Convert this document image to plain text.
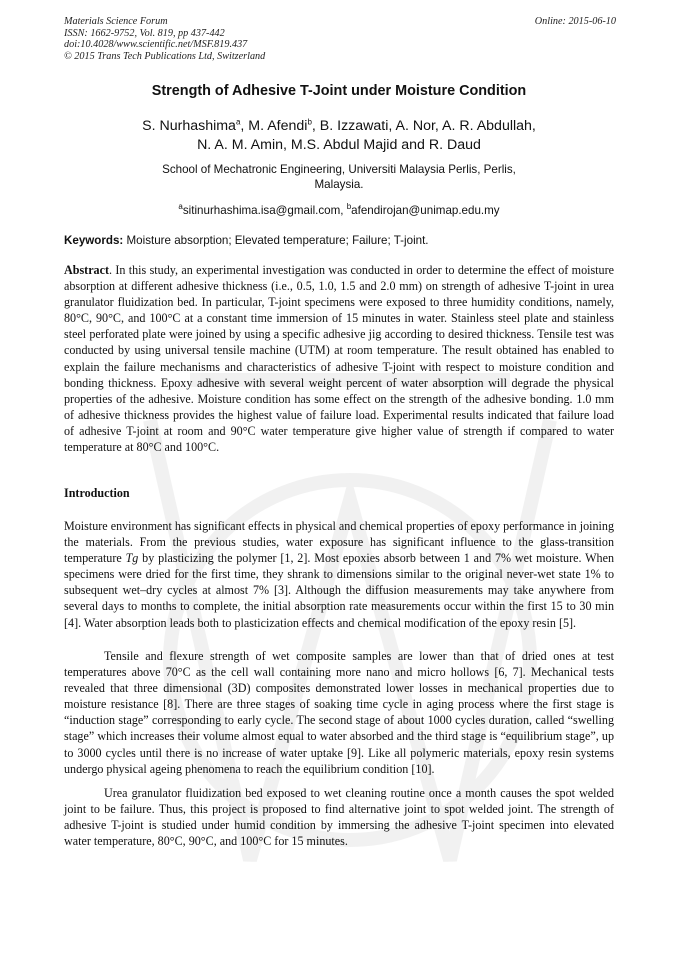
Materials Science Forum
ISSN: 1662-9752, Vol. 819, pp 437-442
doi:10.4028/www.scientific.net/MSF.819.437
© 2015 Trans Tech Publications Ltd, Switzerland
Online: 2015-06-10
Strength of Adhesive T-Joint under Moisture Condition
S. Nurhashima$^a$, M. Afendi$^b$, B. Izzawati, A. Nor, A. R. Abdullah,
N. A. M. Amin, M.S. Abdul Majid and R. Daud
School of Mechatronic Engineering, Universiti Malaysia Perlis, Perlis,
Malaysia.
$^a$sitinurhashima.isa@gmail.com, $^b$afendirojan@unimap.edu.my
Keywords: Moisture absorption; Elevated temperature; Failure; T-joint.

Abstract. In this study, an experimental investigation was conducted in order to determine the effect of moisture absorption at different adhesive thickness (i.e., 0.5, 1.0, 1.5 and 2.0 mm) on strength of adhesive T-joint in urea granulator fluidization bed. In particular, T-joint specimens were exposed to three humidity conditions, namely, 80°C, 90°C, and 100°C at a constant time immersion of 15 minutes in water. Stainless steel plate and stainless steel perforated plate were joined by using a specific adhesive jig according to desired thickness. Tensile test was conducted by using universal tensile machine (UTM) at room temperature. The result obtained has enabled to explain the failure mechanisms and characteristics of adhesive T-joint with respect to moisture condition and bonding thickness. Epoxy adhesive with several weight percent of water absorption will degrade the physical properties of the adhesive. Moisture condition has some effect on the strength of the adhesive bonding. 1.0 mm of adhesive thickness provides the highest value of failure load. Experimental results indicated that failure load of adhesive T-joint at room and 90°C water temperature give higher value of strength if compared to water temperature at 80°C and 100°C.

Introduction

Moisture environment has significant effects in physical and chemical properties of epoxy performance in joining the materials. From the previous studies, water exposure has significant influence to the glass-transition temperature Tg by plasticizing the polymer [1, 2]. Most epoxies absorb between 1 and 7% wet moisture. When specimens were dried for the first time, they shrank to dimensions similar to the original never-wet state 1% to subsequent wet–dry cycles at almost 7% [3]. Although the diffusion measurements may take anywhere from several days to months to complete, the initial absorption rate measurements occur within the first 15 to 30 min [4]. Water absorption leads both to plasticization effects and chemical modification of the epoxy resin [5].

Tensile and flexure strength of wet composite samples are lower than that of dried ones at test temperatures above 70°C as the cell wall containing more nano and micro hollows [6, 7]. Mechanical tests revealed that three dimensional (3D) composites demonstrated lower losses in mechanical properties due to moisture resistance [8]. There are three stages of soaking time cycle in aging process where the first stage is “induction stage” corresponding to early cycle. The second stage of about 1000 cycles duration, called “swelling stage” which increases their volume almost equal to water absorbed and the third stage is “equilibrium stage”, up to 3000 cycles until there is no increase of water uptake [9]. Like all polymeric materials, epoxy resin systems undergo physical ageing phenomena to reach the equilibrium condition [10].

Urea granulator fluidization bed exposed to wet cleaning routine once a month causes the spot welded joint to be failure. Thus, this project is proposed to find alternative joint to spot welded joint. The strength of adhesive T-joint is studied under humid condition by immersing the adhesive T-joint specimen into elevated water temperature, 80°C, 90°C, and 100°C for 15 minutes.
